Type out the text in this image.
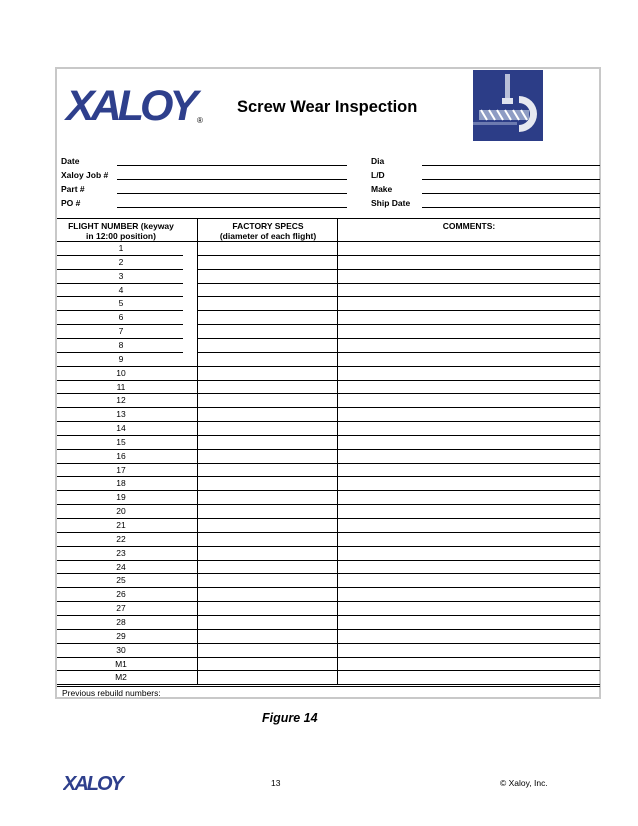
XALOY ®
Screw Wear Inspection
Date
Xaloy Job #
Part #
PO #
Dia
L/D
Make
Ship Date
FLIGHT NUMBER (keyway
in 12:00 position)
FACTORY SPECS
(diameter of each flight)
COMMENTS:
1
2
3
4
5
6
7
8
9
10
11
12
13
14
15
16
17
18
19
20
21
22
23
24
25
26
27
28
29
30
M1
M2
Previous rebuild numbers:
Figure 14
XALOY	13	© Xaloy, Inc.
